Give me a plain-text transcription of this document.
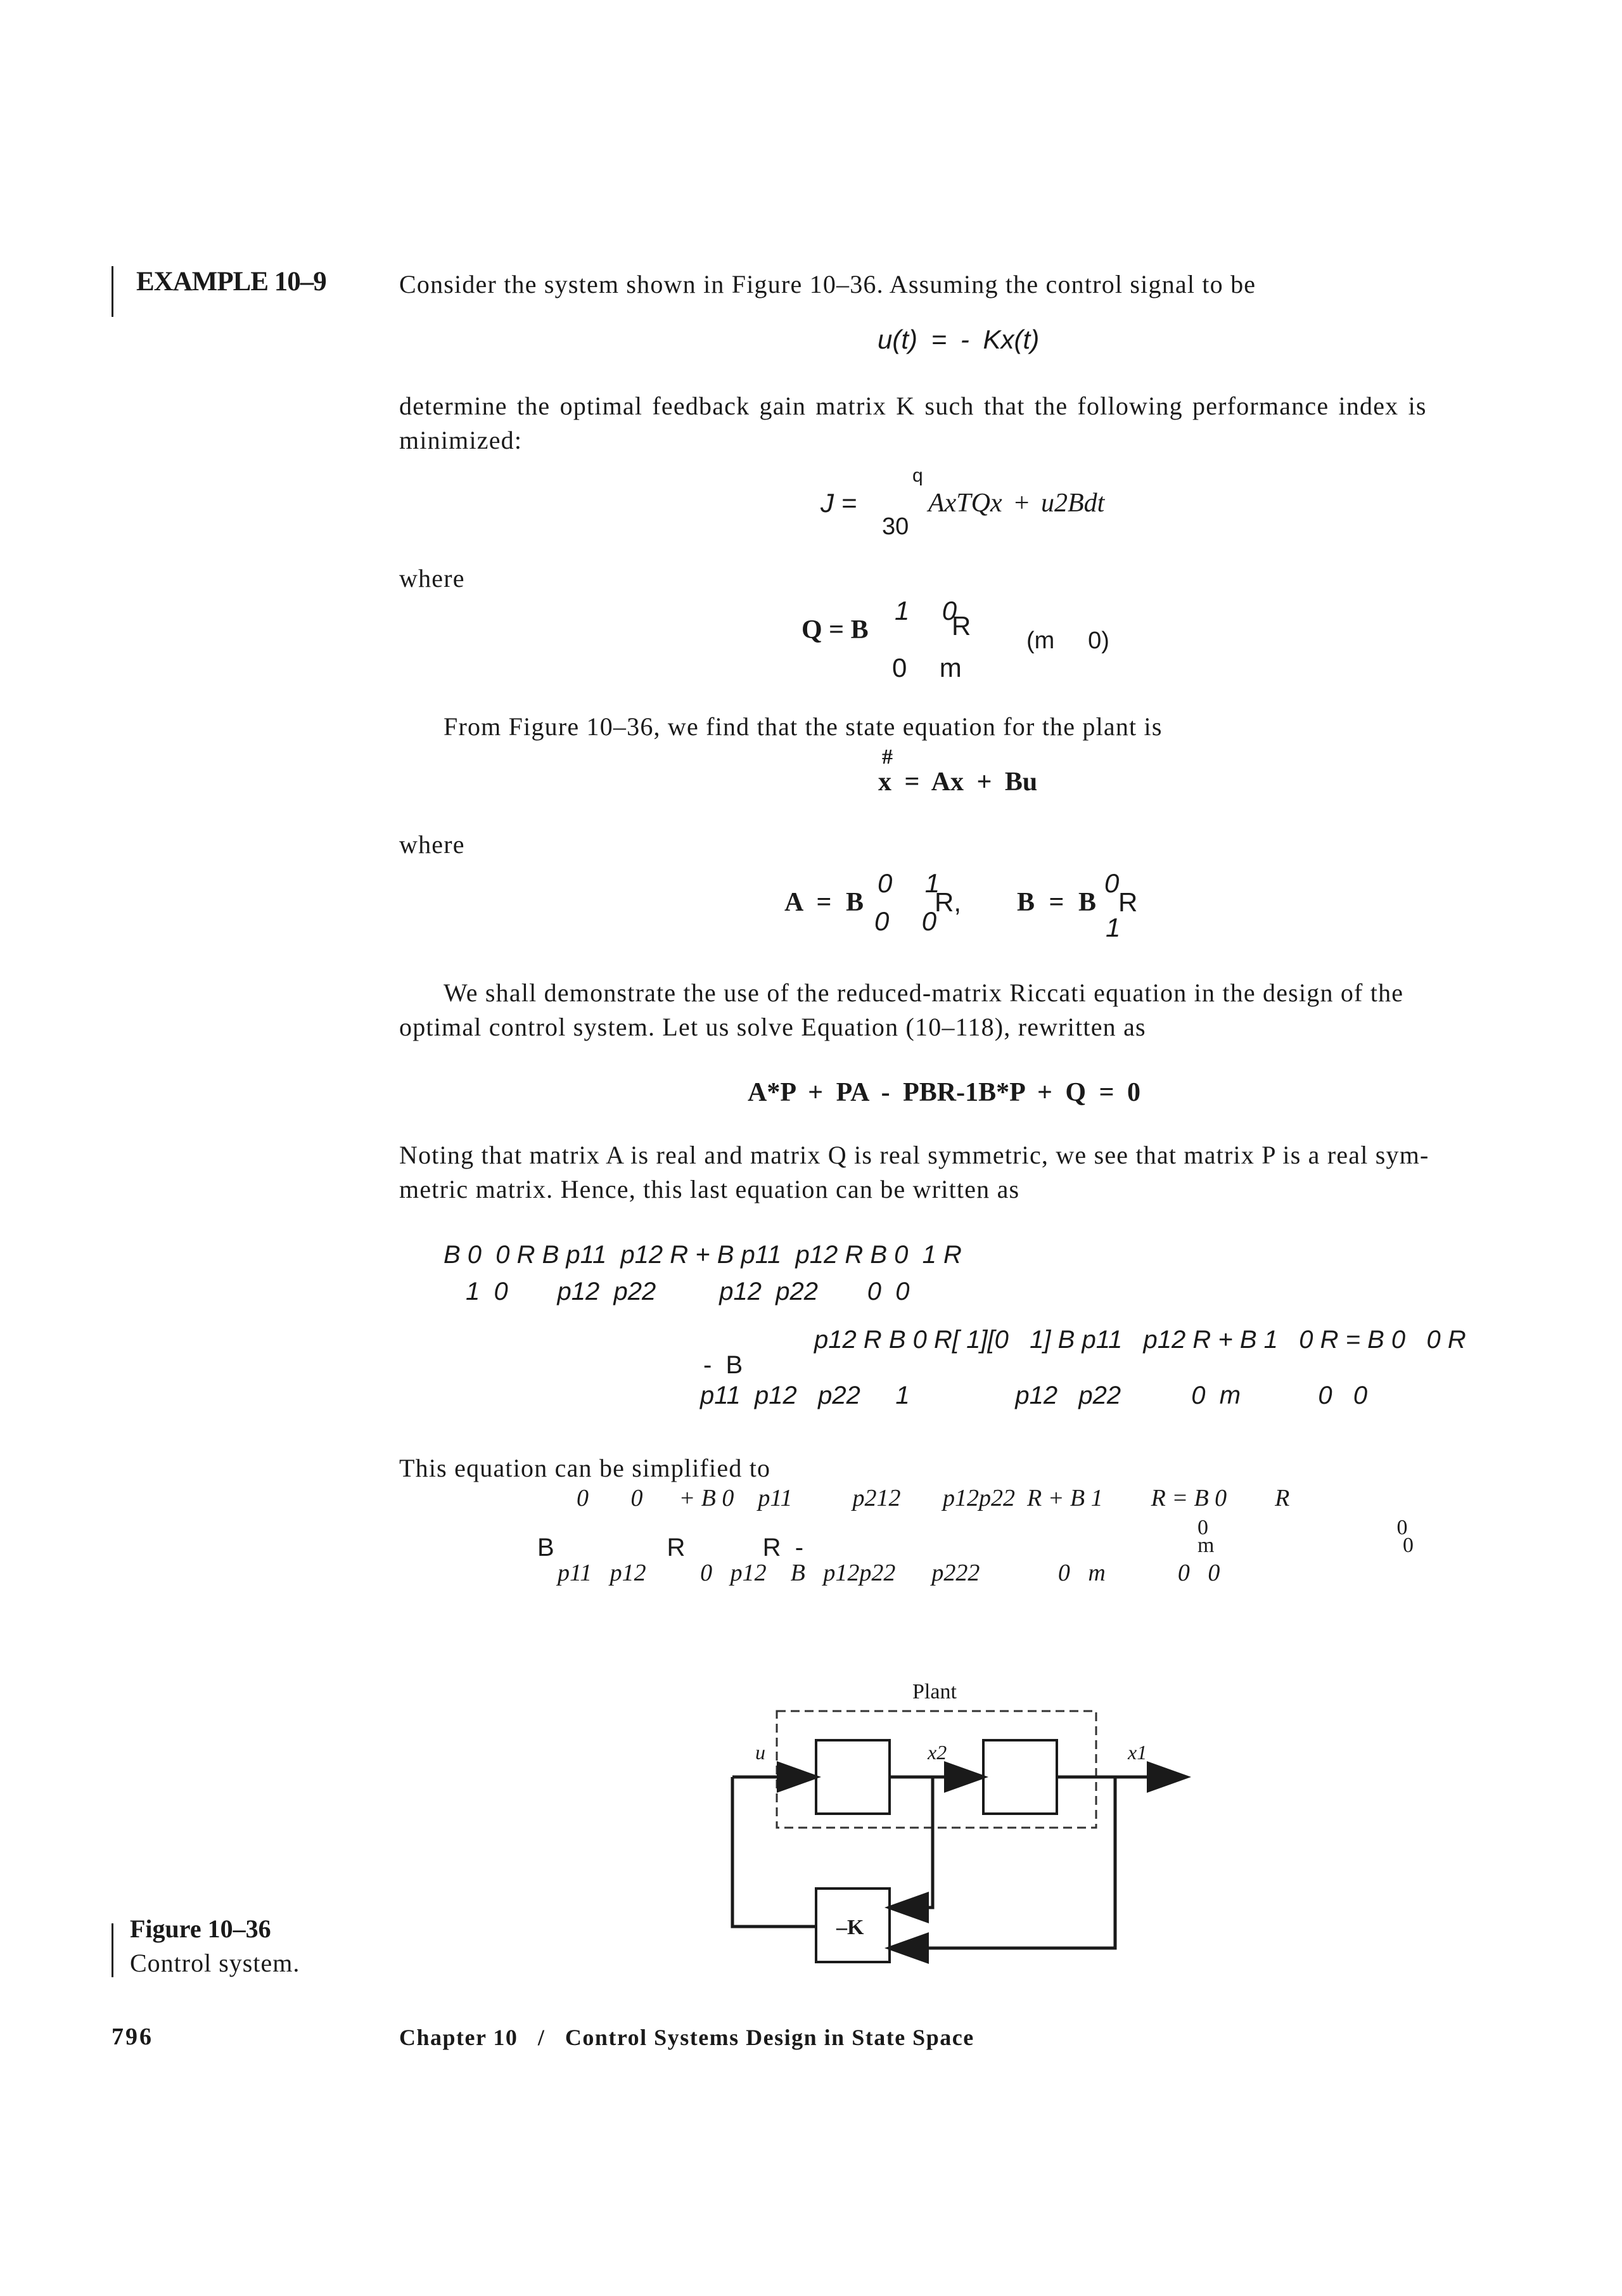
EXAMPLE 10–9	Consider the system shown in Figure 10–36. Assuming the control signal to be
u(t) = - Kx(t)
determine the optimal feedback gain matrix K such that the following performance index is
minimized:
J =
q
AxTQx + u2Bdt
30
where
Q = B
1  0
R
0  m
(m     0)
From Figure 10–36, we find that the state equation for the plant is
#
x = Ax + Bu
where
A = B
0  1
0  0
R, B = B
0
1
R
We shall demonstrate the use of the reduced-matrix Riccati equation in the design of the
optimal control system. Let us solve Equation (10–118), rewritten as
A*P + PA - PBR-1B*P + Q = 0
Noting that matrix A is real and matrix Q is real symmetric, we see that matrix P is a real sym-
metric matrix. Hence, this last equation can be written as
B 0  0 R B p11  p12 R + B p11  p12 R B 0  1 R
1  0       p12  p22         p12  p22       0  0
p12 R B 0 R[ 1][0   1] B p11   p12 R + B 1   0 R = B 0   0 R
-  B
p11  p12   p22     1               p12   p22          0  m           0   0
This equation can be simplified to
0       0      + B 0    p11          p212       p12p22  R + B 1        R = B 0        R
B                R           R  -
p11   p12         0   p12    B   p12p22      p222             0   m            0   0
0                                   0
m                                   0
Plant
–K
u	x2	x1
Figure 10–36
Control system.
796	Chapter 10   /   Control Systems Design in State Space
